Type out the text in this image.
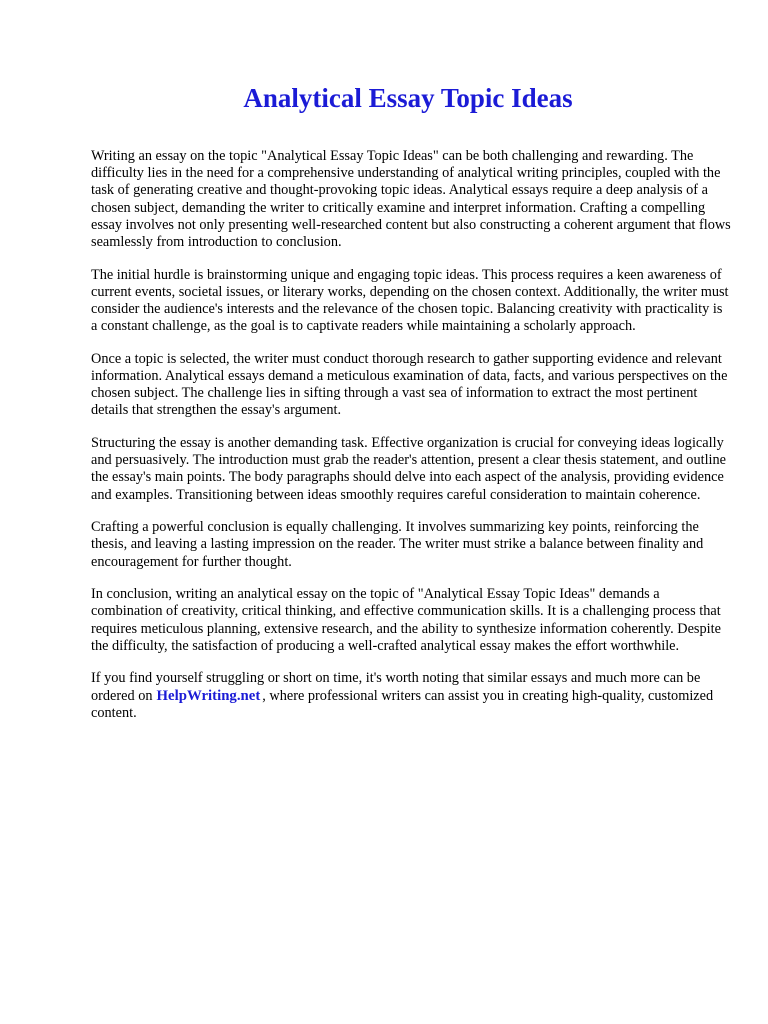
Analytical Essay Topic Ideas

Writing an essay on the topic "Analytical Essay Topic Ideas" can be both challenging and rewarding. The difficulty lies in the need for a comprehensive understanding of analytical writing principles, coupled with the task of generating creative and thought-provoking topic ideas. Analytical essays require a deep analysis of a chosen subject, demanding the writer to critically examine and interpret information. Crafting a compelling essay involves not only presenting well-researched content but also constructing a coherent argument that flows seamlessly from introduction to conclusion.

The initial hurdle is brainstorming unique and engaging topic ideas. This process requires a keen awareness of current events, societal issues, or literary works, depending on the chosen context. Additionally, the writer must consider the audience's interests and the relevance of the chosen topic. Balancing creativity with practicality is a constant challenge, as the goal is to captivate readers while maintaining a scholarly approach.

Once a topic is selected, the writer must conduct thorough research to gather supporting evidence and relevant information. Analytical essays demand a meticulous examination of data, facts, and various perspectives on the chosen subject. The challenge lies in sifting through a vast sea of information to extract the most pertinent details that strengthen the essay's argument.

Structuring the essay is another demanding task. Effective organization is crucial for conveying ideas logically and persuasively. The introduction must grab the reader's attention, present a clear thesis statement, and outline the essay's main points. The body paragraphs should delve into each aspect of the analysis, providing evidence and examples. Transitioning between ideas smoothly requires careful consideration to maintain coherence.

Crafting a powerful conclusion is equally challenging. It involves summarizing key points, reinforcing the thesis, and leaving a lasting impression on the reader. The writer must strike a balance between finality and encouragement for further thought.

In conclusion, writing an analytical essay on the topic of "Analytical Essay Topic Ideas" demands a combination of creativity, critical thinking, and effective communication skills. It is a challenging process that requires meticulous planning, extensive research, and the ability to synthesize information coherently. Despite the difficulty, the satisfaction of producing a well-crafted analytical essay makes the effort worthwhile.

If you find yourself struggling or short on time, it's worth noting that similar essays and much more can be ordered on HelpWriting.net , where professional writers can assist you in creating high-quality, customized content.
